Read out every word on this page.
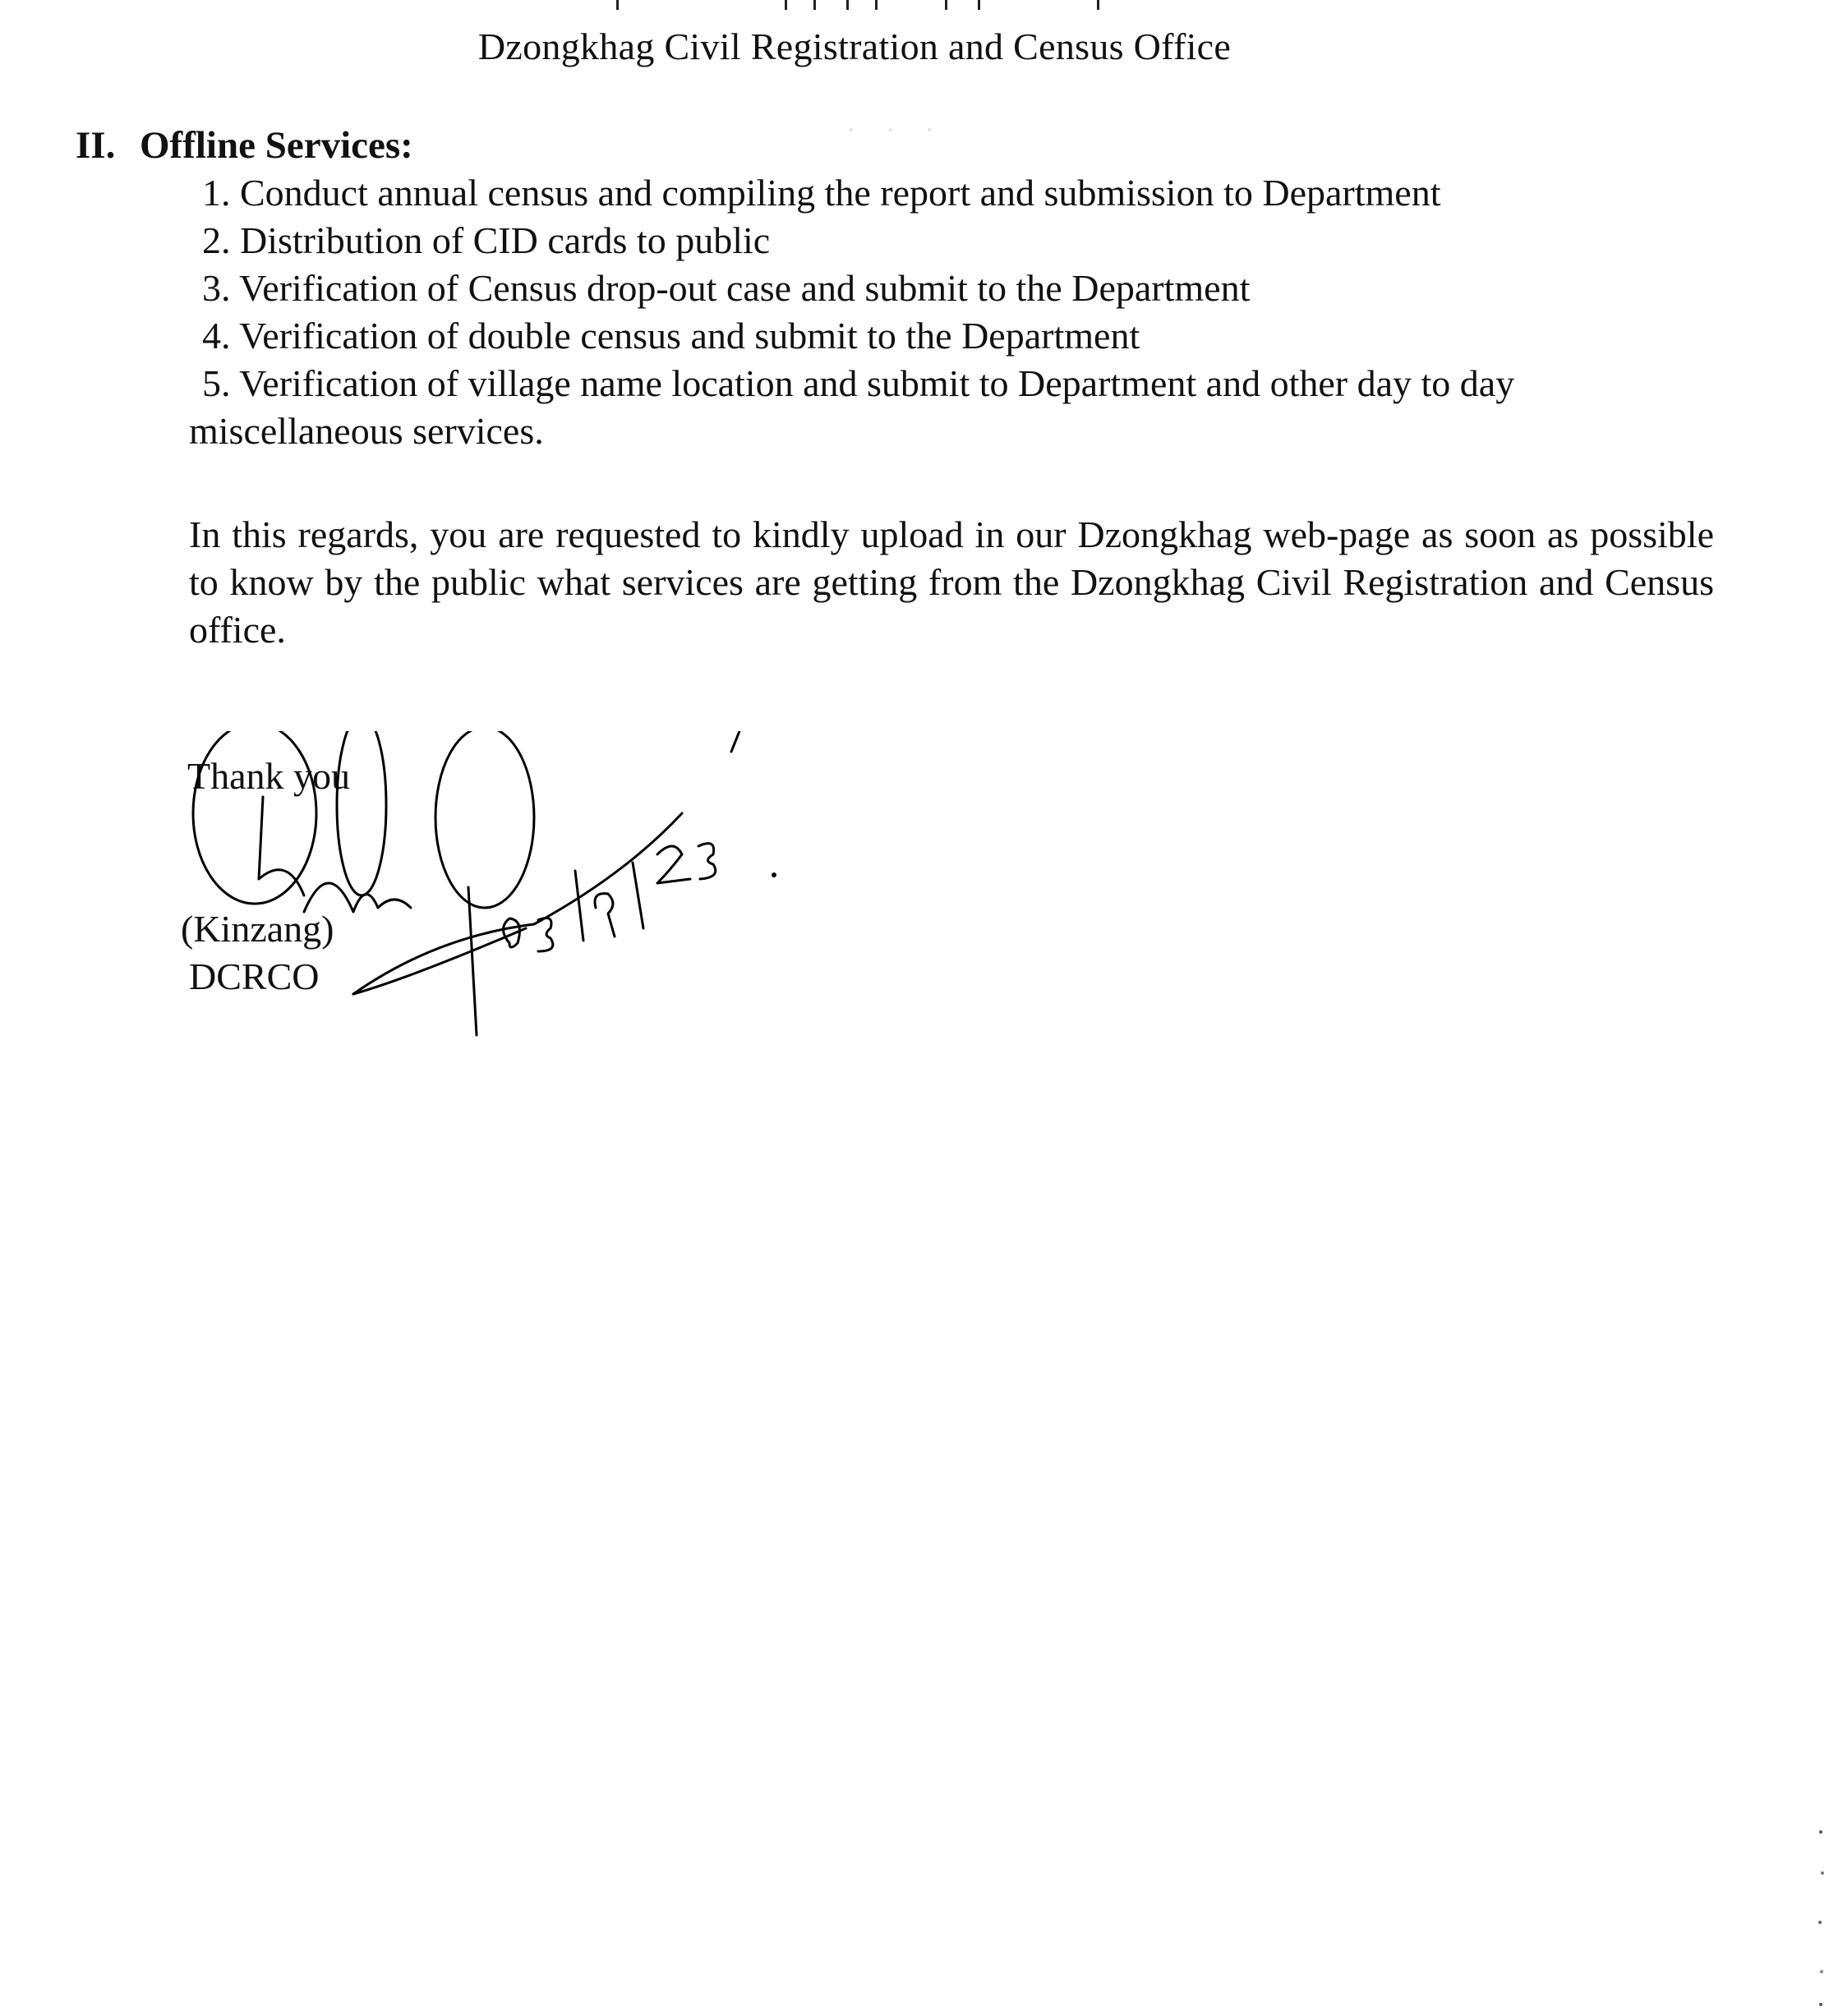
Dzongkhag Civil Registration and Census Office
· · ·
II. Offline Services:
1. Conduct annual census and compiling the report and submission to Department
2. Distribution of CID cards to public
3. Verification of Census drop-out case and submit to the Department
4. Verification of double census and submit to the Department
5. Verification of village name location and submit to Department and other day to day
miscellaneous services.
In this regards, you are requested to kindly upload in our Dzongkhag web-page as soon as possible to know by the public what services are getting from the Dzongkhag Civil Registration and Census office.
Thank you
(Kinzang)
DCRCO
